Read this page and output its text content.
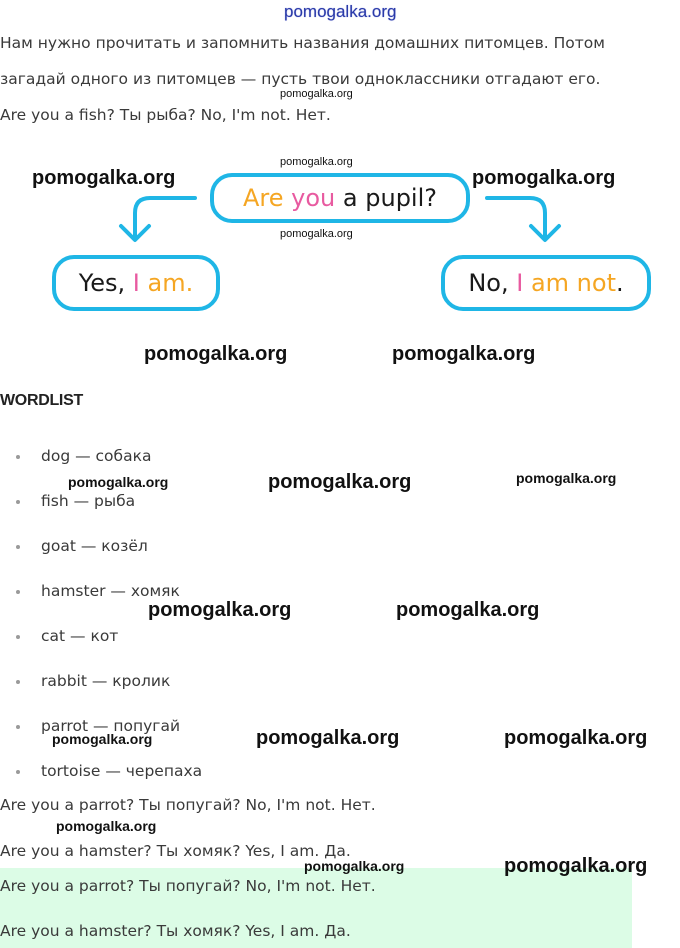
pomogalka.org
Нам нужно прочитать и запомнить названия домашних питомцев. Потом
загадай одного из питомцев — пусть твои одноклассники отгадают его.
Are you a fish? Ты рыба? No, I'm not. Нет.
pomogalka.org
Are
you
a pupil?
Yes,
I
am.	No,
I
am not .
pomogalka.org	pomogalka.org
pomogalka.org
pomogalka.org
pomogalka.org	pomogalka.org
WORDLIST
dog — собака
fish — рыба
goat — козёл
hamster — хомяк
cat — кот
rabbit — кролик
parrot — попугай
tortoise — черепаха
pomogalka.org	pomogalka.org	pomogalka.org
pomogalka.org	pomogalka.org
pomogalka.org	pomogalka.org	pomogalka.org
Are you a parrot? Ты попугай? No, I'm not. Нет.
pomogalka.org
Are you a hamster? Ты хомяк? Yes, I am. Да.
Are you a parrot? Ты попугай? No, I'm not. Нет.
Are you a hamster? Ты хомяк? Yes, I am. Да.
pomogalka.org	pomogalka.org
